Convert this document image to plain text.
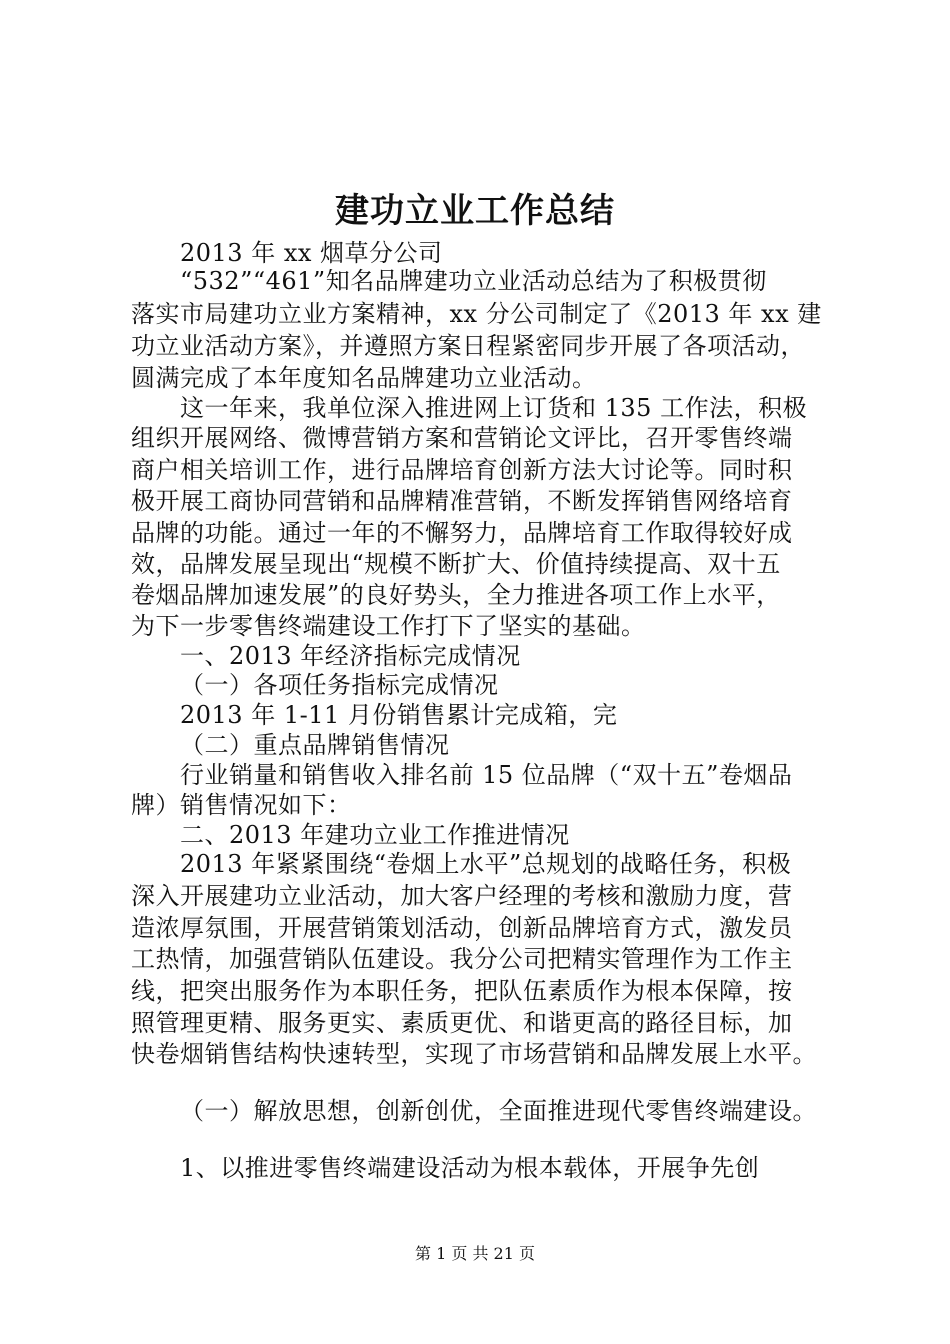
建功立业工作总结
2013 年 xx 烟草分公司
“532”“461”知名品牌建功立业活动总结为了积极贯彻
落实市局建功立业方案精神，xx 分公司制定了《2013 年 xx 建
功立业活动方案》，并遵照方案日程紧密同步开展了各项活动，
圆满完成了本年度知名品牌建功立业活动。
这一年来，我单位深入推进网上订货和 135 工作法，积极
组织开展网络、微博营销方案和营销论文评比，召开零售终端
商户相关培训工作，进行品牌培育创新方法大讨论等。同时积
极开展工商协同营销和品牌精准营销，不断发挥销售网络培育
品牌的功能。通过一年的不懈努力，品牌培育工作取得较好成
效，品牌发展呈现出“规模不断扩大、价值持续提高、双十五
卷烟品牌加速发展”的良好势头，全力推进各项工作上水平，
为下一步零售终端建设工作打下了坚实的基础。
一、2013 年经济指标完成情况
（一）各项任务指标完成情况
2013 年 1-11 月份销售累计完成箱，完
（二）重点品牌销售情况
行业销量和销售收入排名前 15 位品牌（“双十五”卷烟品
牌）销售情况如下：
二、2013 年建功立业工作推进情况
2013 年紧紧围绕“卷烟上水平”总规划的战略任务，积极
深入开展建功立业活动，加大客户经理的考核和激励力度，营
造浓厚氛围，开展营销策划活动，创新品牌培育方式，激发员
工热情，加强营销队伍建设。我分公司把精实管理作为工作主
线，把突出服务作为本职任务，把队伍素质作为根本保障，按
照管理更精、服务更实、素质更优、和谐更高的路径目标，加
快卷烟销售结构快速转型，实现了市场营销和品牌发展上水平。
（一）解放思想，创新创优，全面推进现代零售终端建设。
1、以推进零售终端建设活动为根本载体，开展争先创
第 1 页 共 21 页
